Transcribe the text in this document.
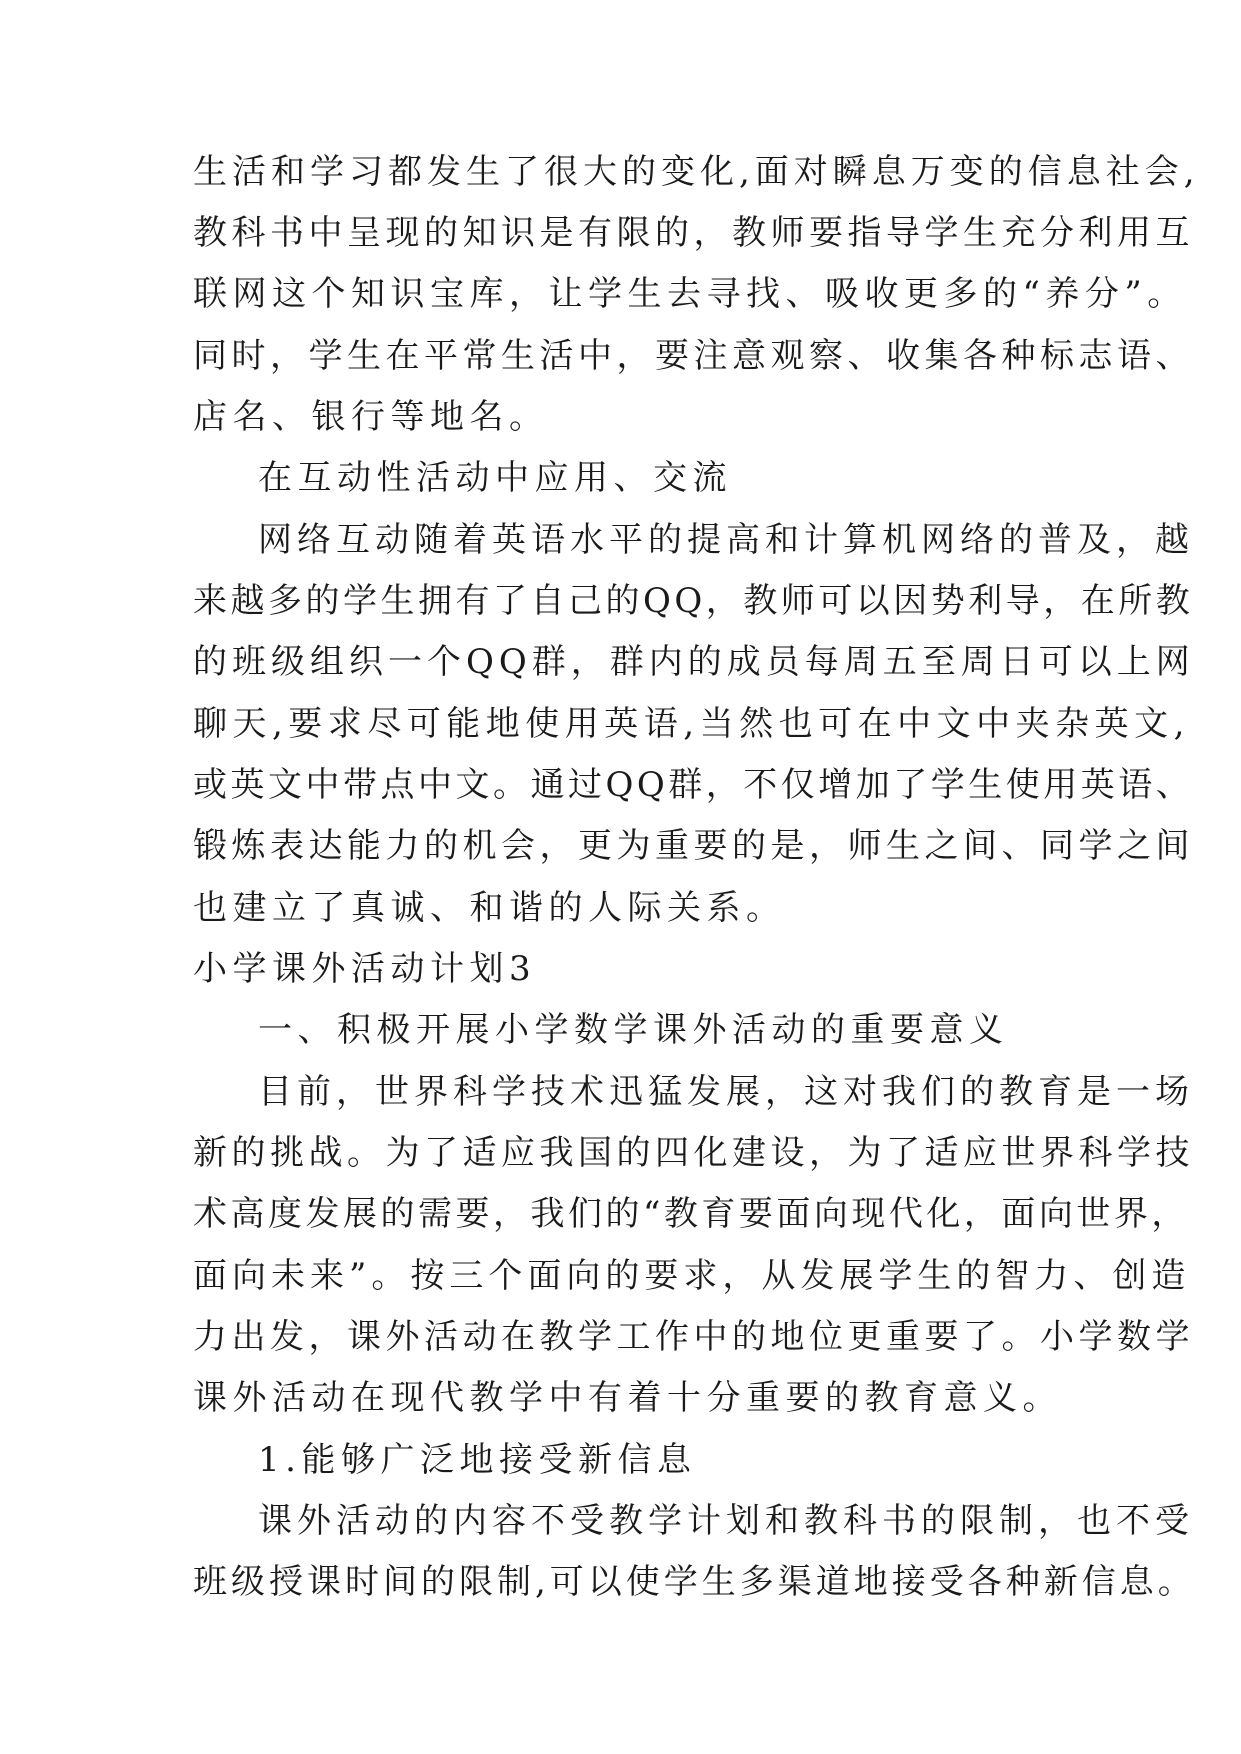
生活和学习都发生了很大的变化,面对瞬息万变的信息社会,
教科书中呈现的知识是有限的，教师要指导学生充分利用互
联网这个知识宝库，让学生去寻找、吸收更多的“养分”。
同时，学生在平常生活中，要注意观察、收集各种标志语、
店名、银行等地名。
在互动性活动中应用、交流
网络互动随着英语水平的提高和计算机网络的普及，越
来越多的学生拥有了自己的QQ，教师可以因势利导，在所教
的班级组织一个QQ群，群内的成员每周五至周日可以上网
聊天,要求尽可能地使用英语,当然也可在中文中夹杂英文,
或英文中带点中文。通过QQ群，不仅增加了学生使用英语、
锻炼表达能力的机会，更为重要的是，师生之间、同学之间
也建立了真诚、和谐的人际关系。
小学课外活动计划3
一、积极开展小学数学课外活动的重要意义
目前，世界科学技术迅猛发展，这对我们的教育是一场
新的挑战。为了适应我国的四化建设，为了适应世界科学技
术高度发展的需要，我们的“教育要面向现代化，面向世界，
面向未来”。按三个面向的要求，从发展学生的智力、创造
力出发，课外活动在教学工作中的地位更重要了。小学数学
课外活动在现代教学中有着十分重要的教育意义。
1.能够广泛地接受新信息
课外活动的内容不受教学计划和教科书的限制，也不受
班级授课时间的限制,可以使学生多渠道地接受各种新信息。
